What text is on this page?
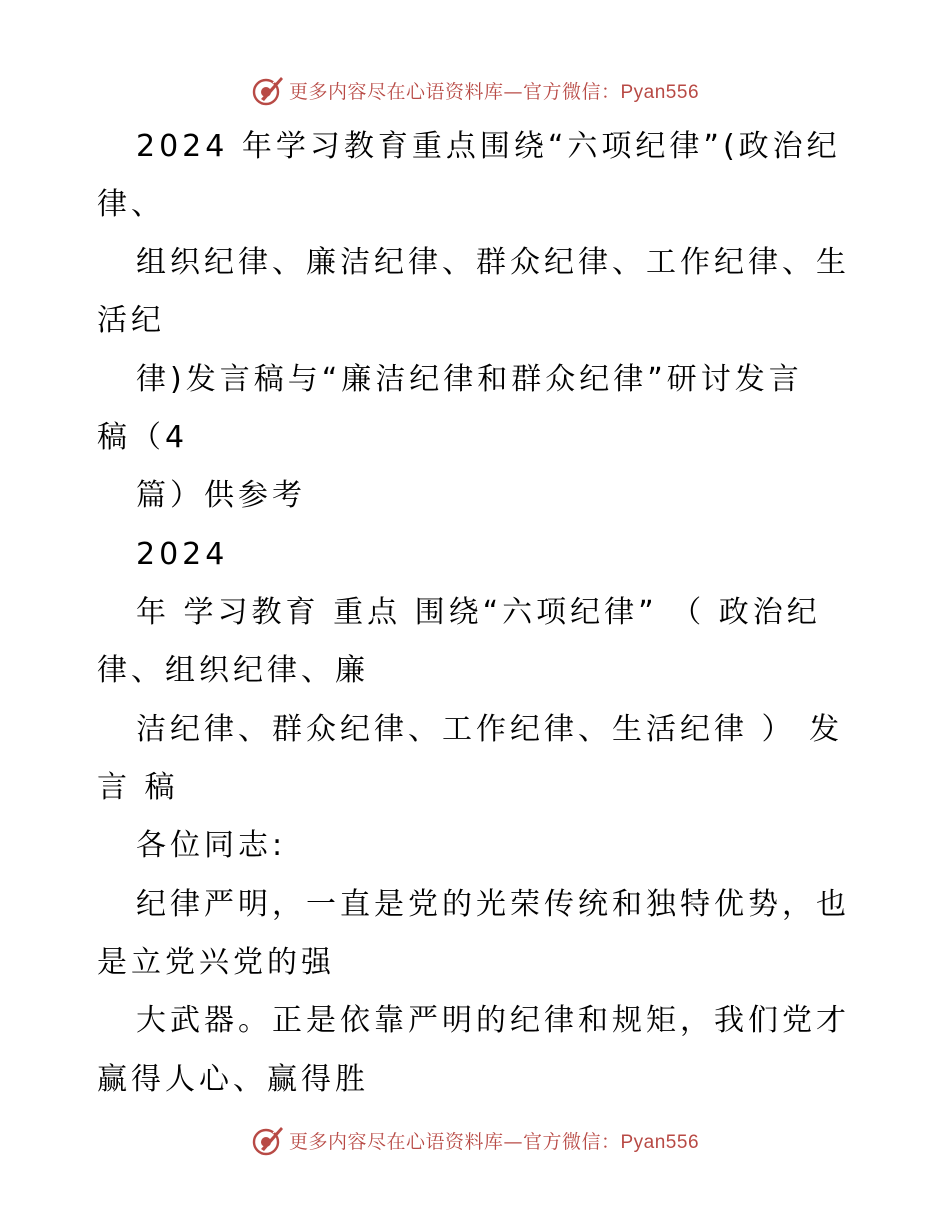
更多内容尽在心语资料库—官方微信：Pyan556
2024 年学习教育重点围绕“六项纪律”(政治纪
律、
组织纪律、廉洁纪律、群众纪律、工作纪律、生
活纪
律)发言稿与“廉洁纪律和群众纪律”研讨发言
稿（4
篇）供参考
2024
年 学习教育 重点 围绕“六项纪律” （ 政治纪
律、组织纪律、廉
洁纪律、群众纪律、工作纪律、生活纪律 ） 发
言 稿
各位同志:
纪律严明，一直是党的光荣传统和独特优势，也
是立党兴党的强
大武器。正是依靠严明的纪律和规矩，我们党才
赢得人心、赢得胜
更多内容尽在心语资料库—官方微信：Pyan556
